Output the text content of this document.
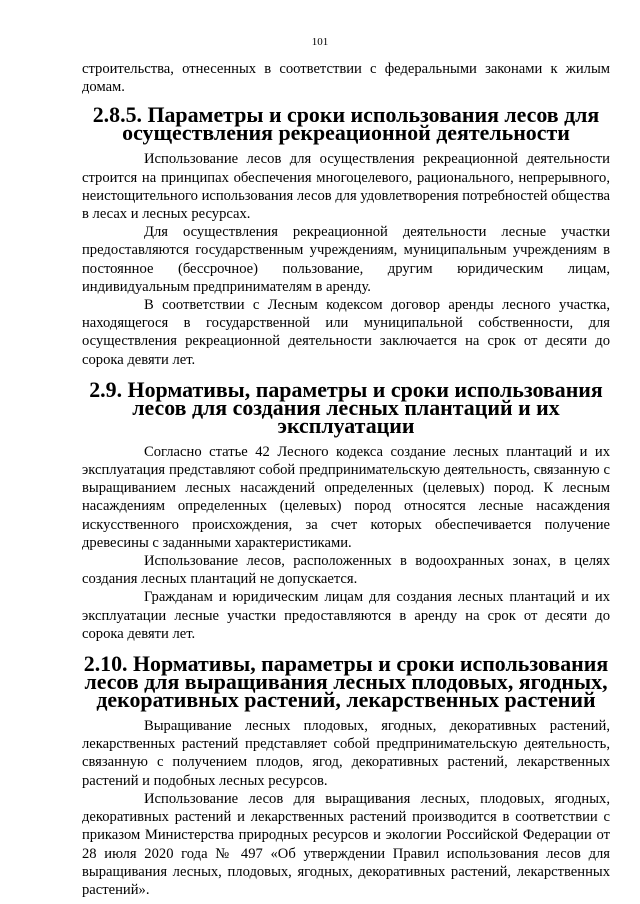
101

строительства, отнесенных в соответствии с федеральными законами к жилым домам.

2.8.5. Параметры и сроки использования лесов для осуществления рекреационной деятельности

Использование лесов для осуществления рекреационной деятельности строится на принципах обеспечения многоцелевого, рационального, непрерывного, неистощительного использования лесов для удовлетворения потребностей общества в лесах и лесных ресурсах.

Для осуществления рекреационной деятельности лесные участки предоставляются государственным учреждениям, муниципальным учреждениям в постоянное (бессрочное) пользование, другим юридическим лицам, индивидуальным предпринимателям в аренду.

В соответствии с Лесным кодексом договор аренды лесного участка, находящегося в государственной или муниципальной собственности, для осуществления рекреационной деятельности заключается на срок от десяти до сорока девяти лет.

2.9. Нормативы, параметры и сроки использования лесов для создания лесных плантаций и их эксплуатации

Согласно статье 42 Лесного кодекса создание лесных плантаций и их эксплуатация представляют собой предпринимательскую деятельность, связанную с выращиванием лесных насаждений определенных (целевых) пород. К лесным насаждениям определенных (целевых) пород относятся лесные насаждения искусственного происхождения, за счет которых обеспечивается получение древесины с заданными характеристиками.

Использование лесов, расположенных в водоохранных зонах, в целях создания лесных плантаций не допускается.

Гражданам и юридическим лицам для создания лесных плантаций и их эксплуатации лесные участки предоставляются в аренду на срок от десяти до сорока девяти лет.

2.10. Нормативы, параметры и сроки использования лесов для выращивания лесных плодовых, ягодных, декоративных растений, лекарственных растений

Выращивание лесных плодовых, ягодных, декоративных растений, лекарственных растений представляет собой предпринимательскую деятельность, связанную с получением плодов, ягод, декоративных растений, лекарственных растений и подобных лесных ресурсов.

Использование лесов для выращивания лесных, плодовых, ягодных, декоративных растений и лекарственных растений производится в соответствии с приказом Министерства природных ресурсов и экологии Российской Федерации от 28 июля 2020 года № 497 «Об утверждении Правил использования лесов для выращивания лесных, плодовых, ягодных, декоративных растений, лекарственных растений».
